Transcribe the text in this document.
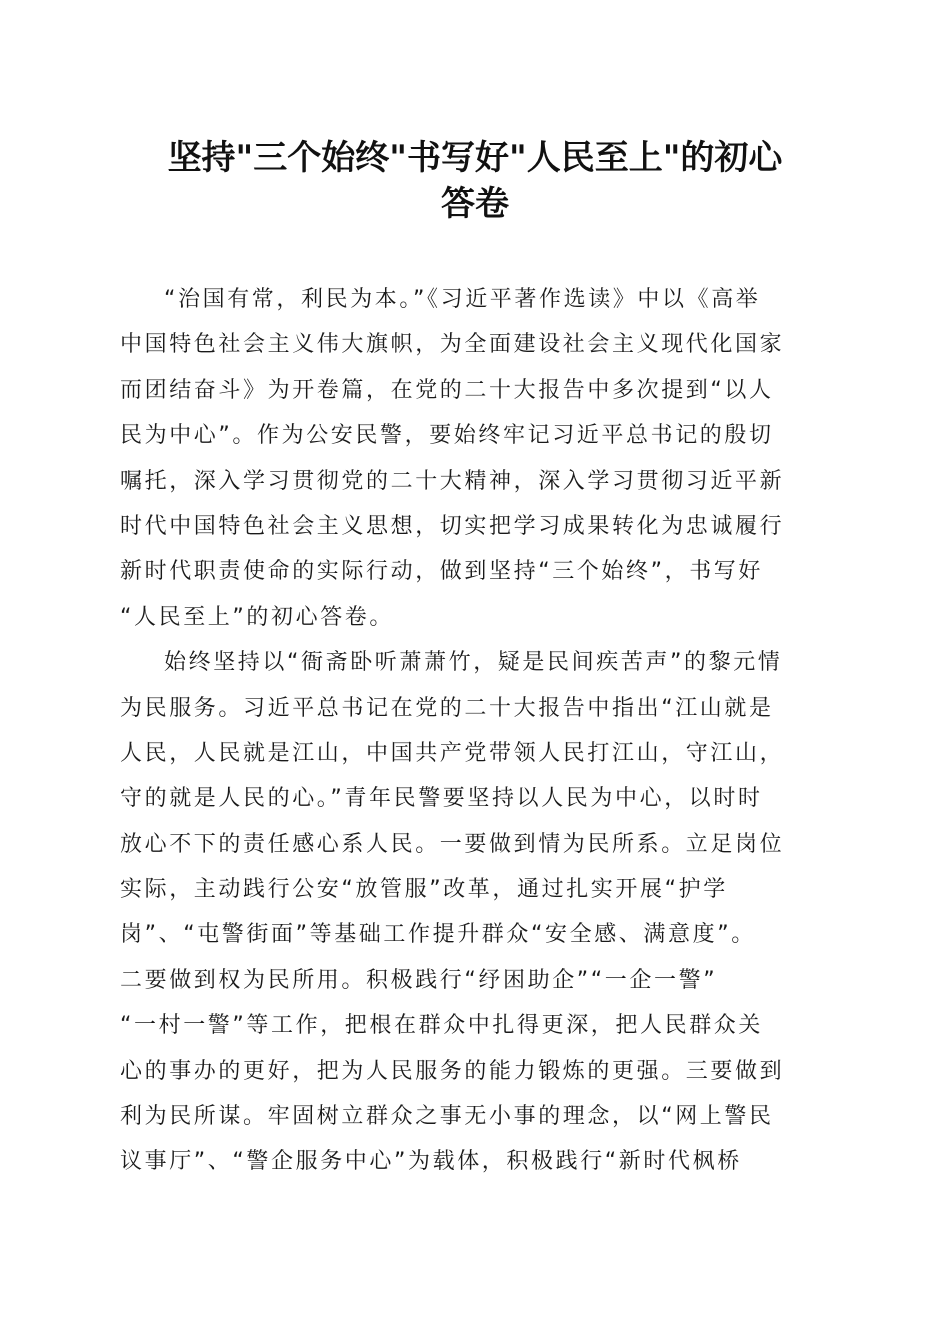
坚持"三个始终"书写好"人民至上"的初心
答卷
“治国有常，利民为本。”《习近平著作选读》中以《高举
中国特色社会主义伟大旗帜，为全面建设社会主义现代化国家
而团结奋斗》为开卷篇，在党的二十大报告中多次提到“以人
民为中心”。作为公安民警，要始终牢记习近平总书记的殷切
嘱托，深入学习贯彻党的二十大精神，深入学习贯彻习近平新
时代中国特色社会主义思想，切实把学习成果转化为忠诚履行
新时代职责使命的实际行动，做到坚持“三个始终”，书写好
“人民至上”的初心答卷。
始终坚持以“衙斋卧听萧萧竹，疑是民间疾苦声”的黎元情
为民服务。习近平总书记在党的二十大报告中指出“江山就是
人民，人民就是江山，中国共产党带领人民打江山，守江山，
守的就是人民的心。”青年民警要坚持以人民为中心，以时时
放心不下的责任感心系人民。一要做到情为民所系。立足岗位
实际，主动践行公安“放管服”改革，通过扎实开展“护学
岗”、“屯警街面”等基础工作提升群众“安全感、满意度”。
二要做到权为民所用。积极践行“纾困助企”“一企一警”
“一村一警”等工作，把根在群众中扎得更深，把人民群众关
心的事办的更好，把为人民服务的能力锻炼的更强。三要做到
利为民所谋。牢固树立群众之事无小事的理念，以“网上警民
议事厅”、“警企服务中心”为载体，积极践行“新时代枫桥
